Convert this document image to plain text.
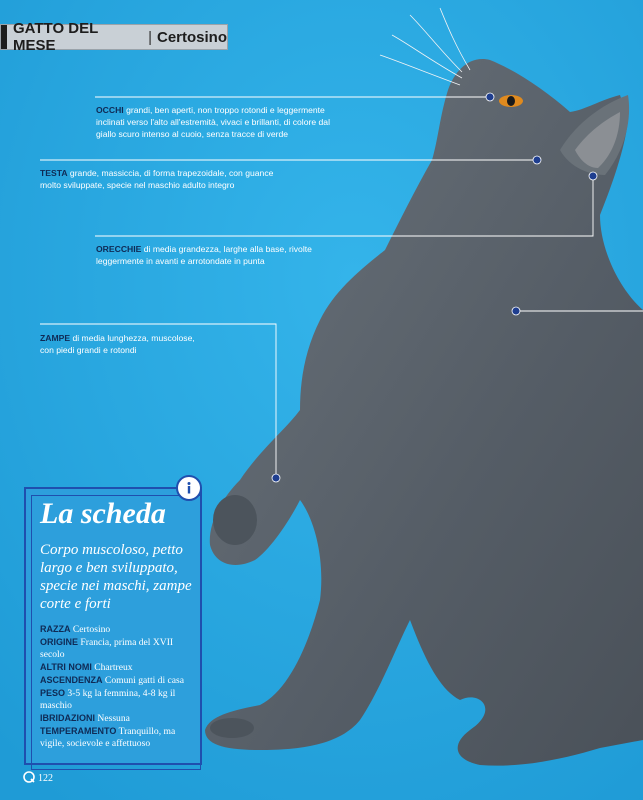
GATTO DEL MESE	| Certosino
OCCHI grandi, ben aperti, non troppo rotondi e leggermente inclinati verso l'alto all'estremità, vivaci e brillanti, di colore dal giallo scuro intenso al cuoio, senza tracce di verde
TESTA grande, massiccia, di forma trapezoidale, con guance molto sviluppate, specie nel maschio adulto integro
ORECCHIE di media grandezza, larghe alla base, rivolte leggermente in avanti e arrotondate in punta
ZAMPE di media lunghezza, muscolose, con piedi grandi e rotondi
La scheda
Corpo muscoloso, petto largo e ben sviluppato, specie nei maschi, zampe corte e forti
RAZZA Certosino
ORIGINE Francia, prima del XVII secolo
ALTRI NOMI Chartreux
ASCENDENZA Comuni gatti di casa
PESO 3-5 kg la femmina, 4-8 kg il maschio
IBRIDAZIONI Nessuna
TEMPERAMENTO Tranquillo, ma vigile, socievole e affettuoso
122
